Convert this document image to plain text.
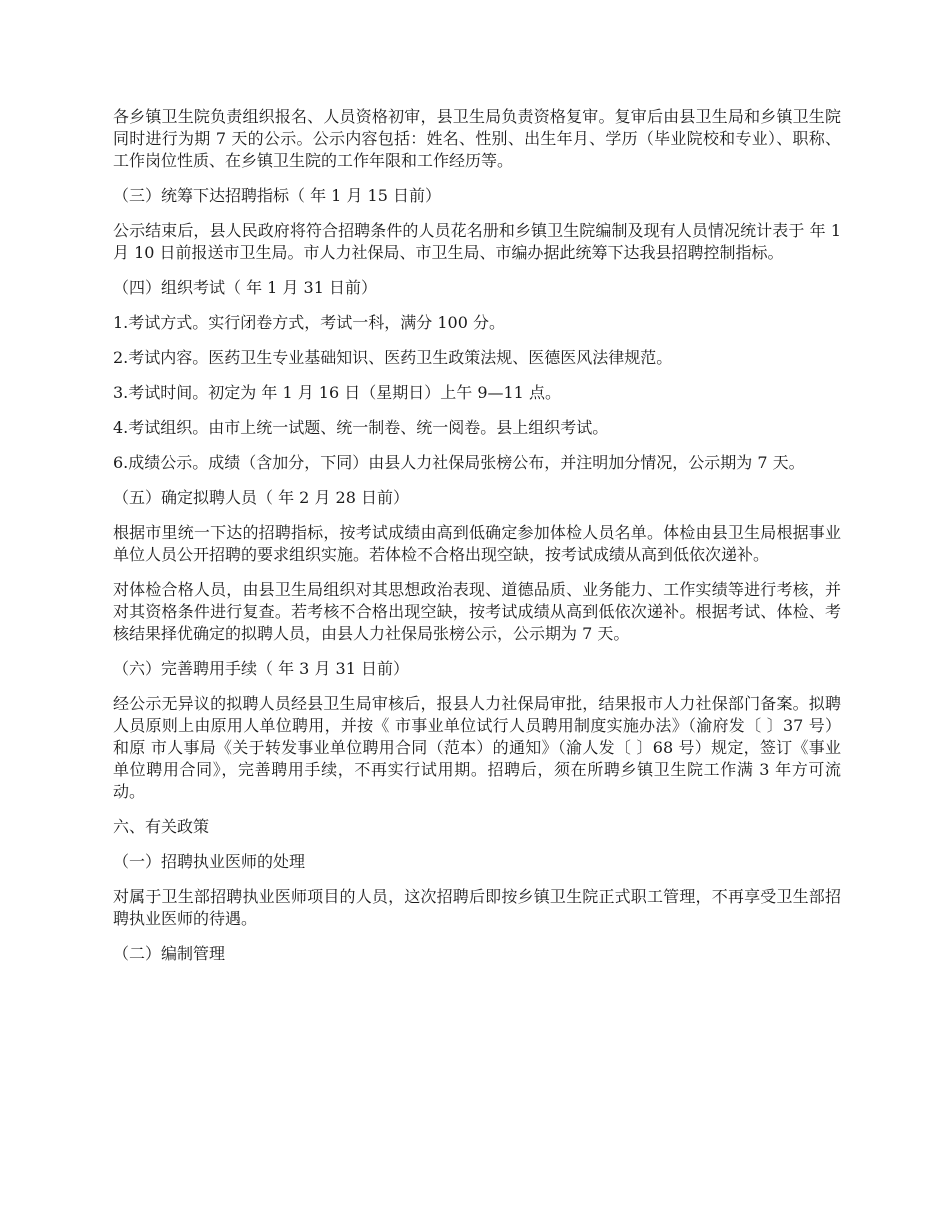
各乡镇卫生院负责组织报名、人员资格初审，县卫生局负责资格复审。复审后由县卫生局和乡镇卫生院同时进行为期 7 天的公示。公示内容包括：姓名、性别、出生年月、学历（毕业院校和专业）、职称、工作岗位性质、在乡镇卫生院的工作年限和工作经历等。

（三）统筹下达招聘指标（ 年 1 月 15 日前）

公示结束后，县人民政府将符合招聘条件的人员花名册和乡镇卫生院编制及现有人员情况统计表于 年 1 月 10 日前报送市卫生局。市人力社保局、市卫生局、市编办据此统筹下达我县招聘控制指标。

（四）组织考试（ 年 1 月 31 日前）

1.考试方式。实行闭卷方式，考试一科，满分 100 分。

2.考试内容。医药卫生专业基础知识、医药卫生政策法规、医德医风法律规范。

3.考试时间。初定为 年 1 月 16 日（星期日）上午 9—11 点。

4.考试组织。由市上统一试题、统一制卷、统一阅卷。县上组织考试。

6.成绩公示。成绩（含加分，下同）由县人力社保局张榜公布，并注明加分情况，公示期为 7 天。

（五）确定拟聘人员（ 年 2 月 28 日前）

根据市里统一下达的招聘指标，按考试成绩由高到低确定参加体检人员名单。体检由县卫生局根据事业单位人员公开招聘的要求组织实施。若体检不合格出现空缺，按考试成绩从高到低依次递补。

对体检合格人员，由县卫生局组织对其思想政治表现、道德品质、业务能力、工作实绩等进行考核，并对其资格条件进行复查。若考核不合格出现空缺，按考试成绩从高到低依次递补。根据考试、体检、考核结果择优确定的拟聘人员，由县人力社保局张榜公示，公示期为 7 天。

（六）完善聘用手续（ 年 3 月 31 日前）

经公示无异议的拟聘人员经县卫生局审核后，报县人力社保局审批，结果报市人力社保部门备案。拟聘人员原则上由原用人单位聘用，并按《 市事业单位试行人员聘用制度实施办法》（渝府发〔 〕37 号）和原 市人事局《关于转发事业单位聘用合同（范本）的通知》（渝人发〔 〕68 号）规定，签订《事业单位聘用合同》，完善聘用手续，不再实行试用期。招聘后，须在所聘乡镇卫生院工作满 3 年方可流动。

六、有关政策

（一）招聘执业医师的处理

对属于卫生部招聘执业医师项目的人员，这次招聘后即按乡镇卫生院正式职工管理，不再享受卫生部招聘执业医师的待遇。

（二）编制管理
